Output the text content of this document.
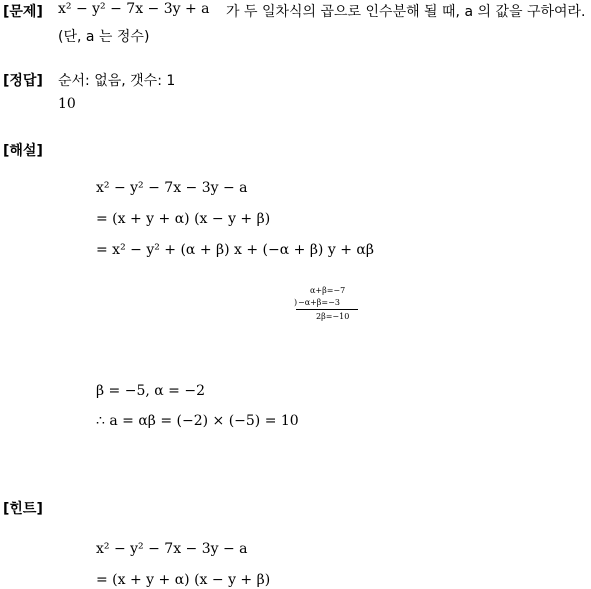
[문제] x² − y² − 7x − 3y + a 가 두 일차식의 곱으로 인수분해 될 때, a 의 값을 구하여라.
(단, a 는 정수)
[정답] 순서: 없음, 갯수: 1
10
[해설]
x² − y² − 7x − 3y − a
= (x + y + α) (x − y + β)
= x² − y² + (α + β) x + (−α + β) y + αβ
α+β=−7
) −α+β=−3
2β=−10
β = −5, α = −2
∴ a = αβ = (−2) × (−5) = 10
[힌트]
x² − y² − 7x − 3y − a
= (x + y + α) (x − y + β)
